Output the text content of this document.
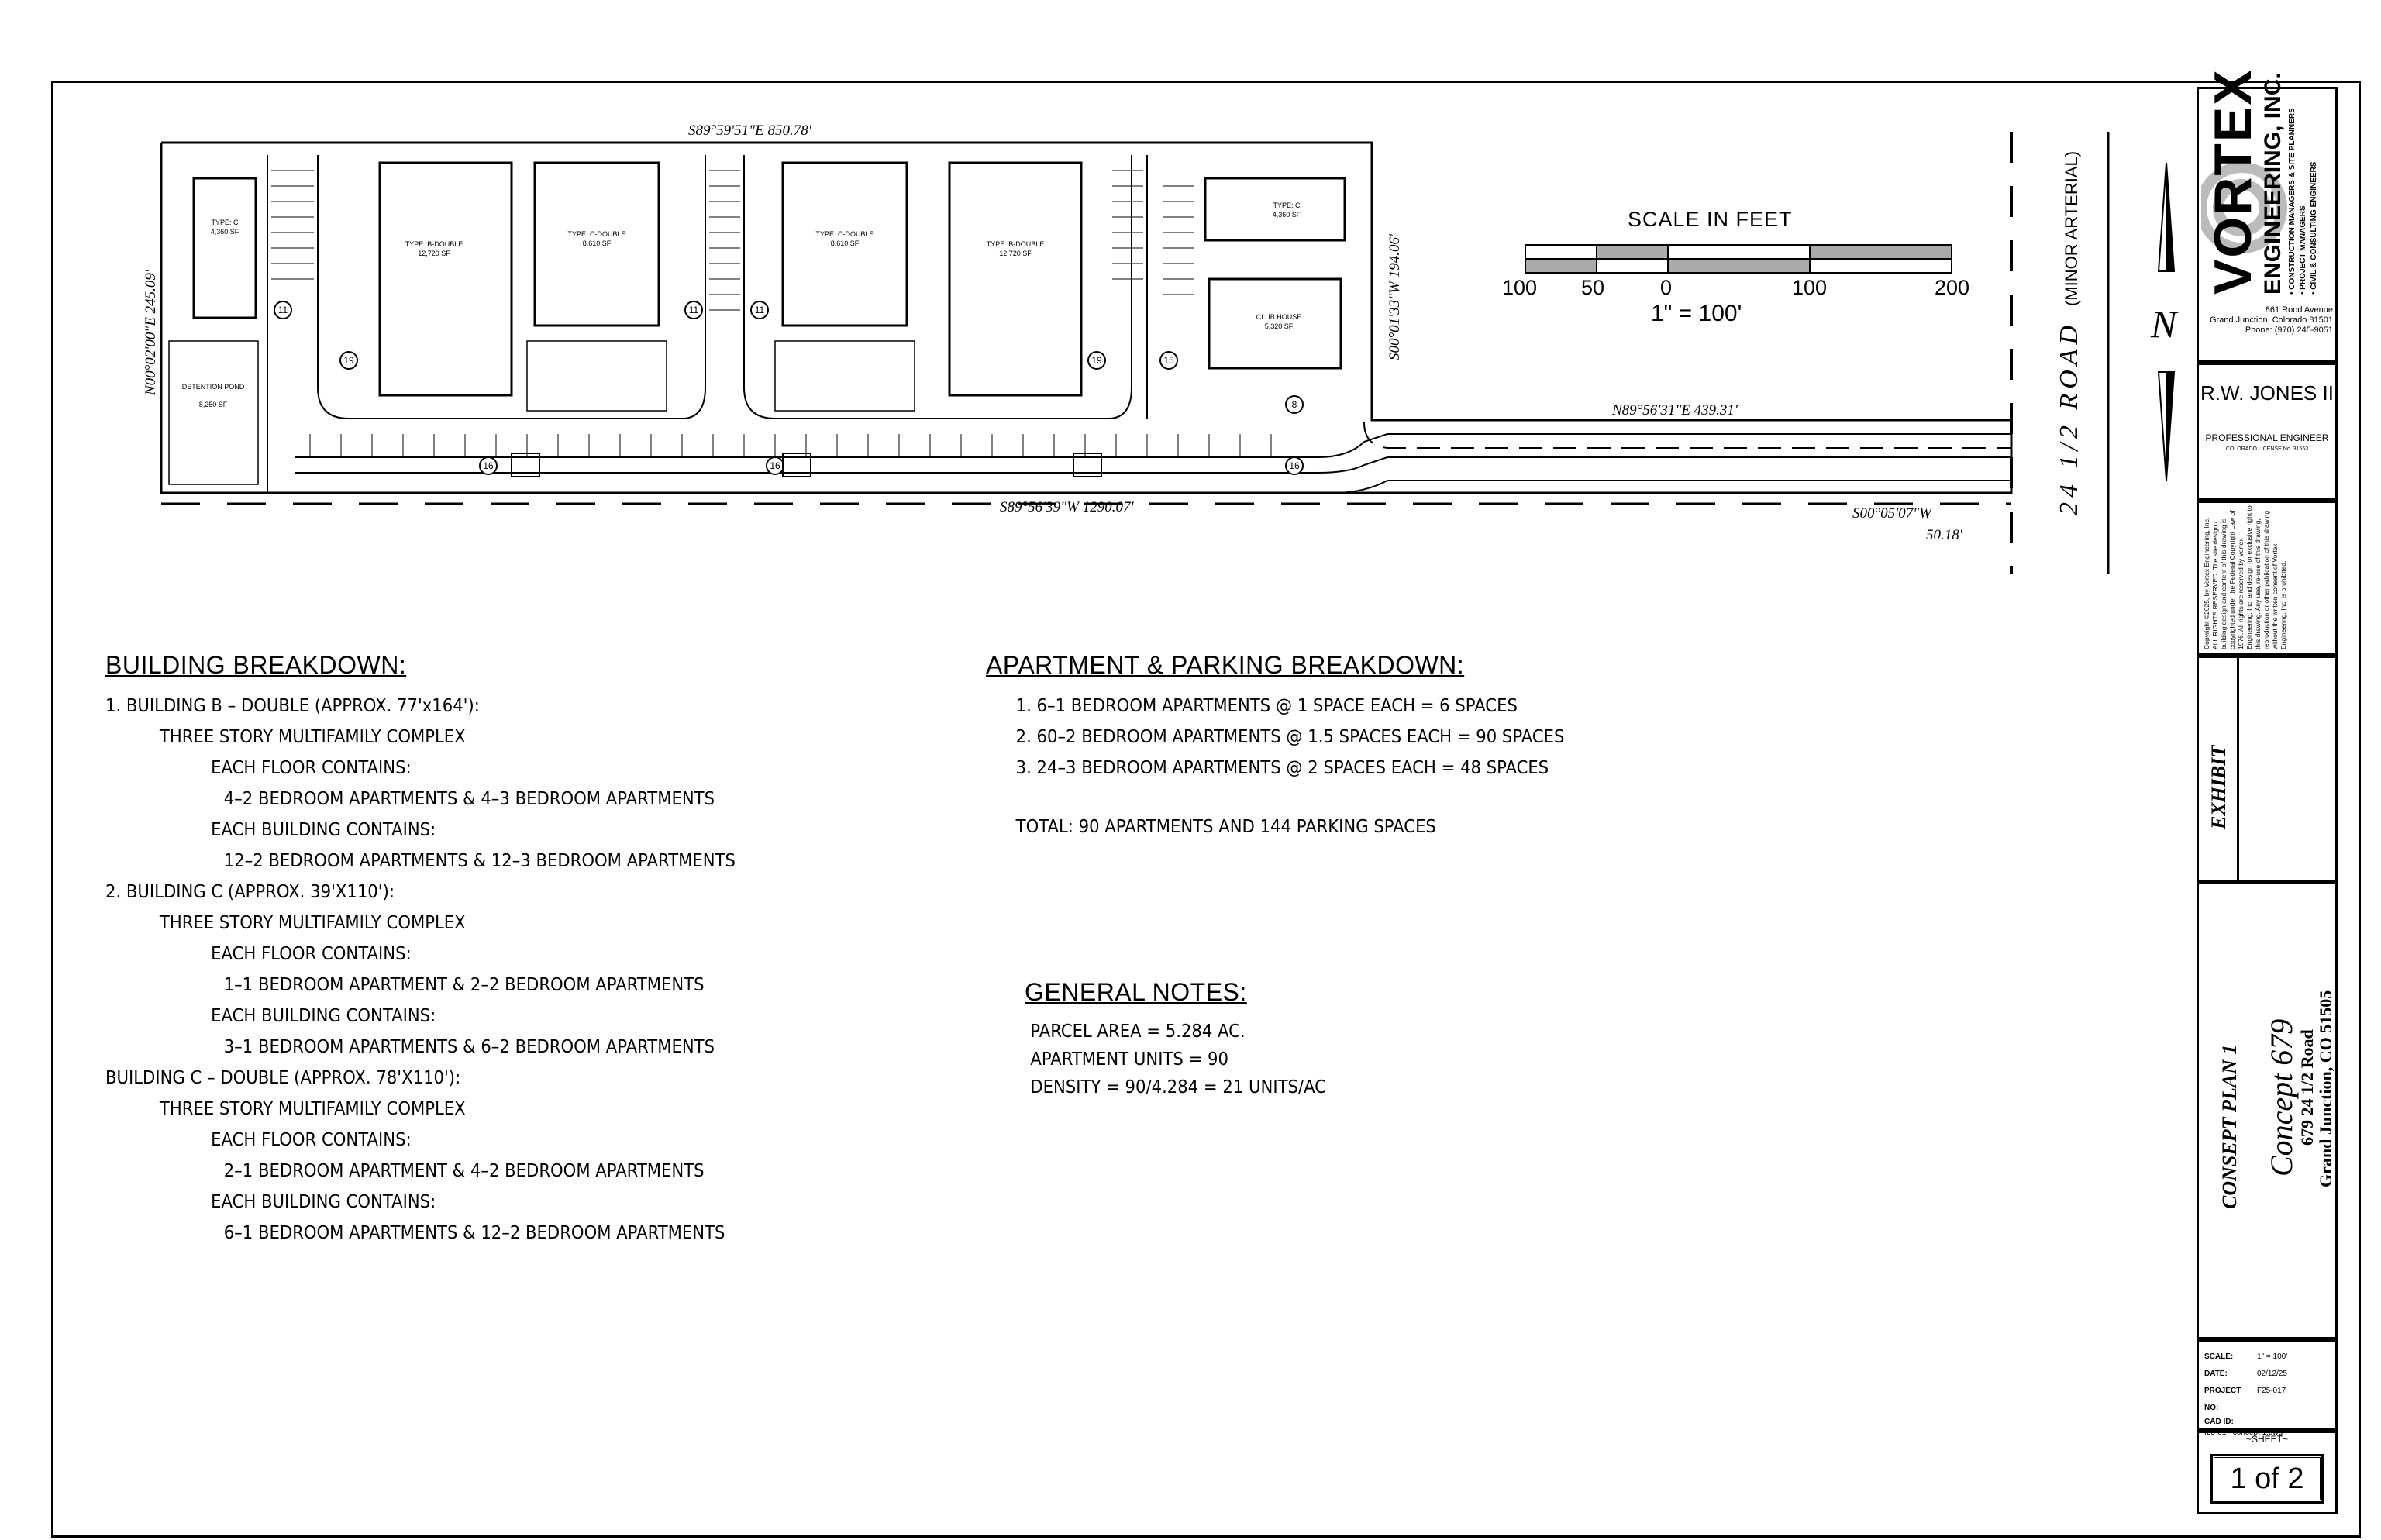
TYPE: C
4,360 SF
TYPE: B-DOUBLE
12,720 SF
TYPE: C-DOUBLE
8,610 SF
TYPE: C-DOUBLE
8,610 SF	TYPE: B-DOUBLE
12,720 SF
TYPE: C
4,360 SF
CLUB HOUSE
5,320 SF
DETENTION POND
8,250 SF
11
19
11	11
19	15
8
16	16	16
S89°59'51"E 850.78'
S89°56'39"W 1290.07'
N89°56'31"E 439.31'
S00°05'07"W
50.18'
N00°02'00"E 245.09'	S00°01'33"W 194.06'
24 1/2 ROAD
(MINOR ARTERIAL)
N
SCALE IN FEET
100 50	0	100	200
1" = 100'
BUILDING BREAKDOWN:
1. BUILDING B – DOUBLE (APPROX. 77'x164'):
THREE STORY MULTIFAMILY COMPLEX
EACH FLOOR CONTAINS:
4–2 BEDROOM APARTMENTS & 4–3 BEDROOM APARTMENTS
EACH BUILDING CONTAINS:
12–2 BEDROOM APARTMENTS & 12–3 BEDROOM APARTMENTS
2. BUILDING C (APPROX. 39'X110'):
THREE STORY MULTIFAMILY COMPLEX
EACH FLOOR CONTAINS:
1–1 BEDROOM APARTMENT & 2–2 BEDROOM APARTMENTS
EACH BUILDING CONTAINS:
3–1 BEDROOM APARTMENTS & 6–2 BEDROOM APARTMENTS
BUILDING C – DOUBLE (APPROX. 78'X110'):
THREE STORY MULTIFAMILY COMPLEX
EACH FLOOR CONTAINS:
2–1 BEDROOM APARTMENT & 4–2 BEDROOM APARTMENTS
EACH BUILDING CONTAINS:
6–1 BEDROOM APARTMENTS & 12–2 BEDROOM APARTMENTS
APARTMENT & PARKING BREAKDOWN:
1. 6–1 BEDROOM APARTMENTS @ 1 SPACE EACH = 6 SPACES
2. 60–2 BEDROOM APARTMENTS @ 1.5 SPACES EACH = 90 SPACES
3. 24–3 BEDROOM APARTMENTS @ 2 SPACES EACH = 48 SPACES
TOTAL: 90 APARTMENTS AND 144 PARKING SPACES
GENERAL NOTES:
PARCEL AREA = 5.284 AC.
APARTMENT UNITS = 90
DENSITY = 90/4.284 = 21 UNITS/AC
VORTEX
ENGINEERING, INC. • CONSTRUCTION MANAGERS & SITE PLANNERS • PROJECT MANAGERS • CIVIL & CONSULTING ENGINEERS
861 Rood Avenue
Grand Junction, Colorado 81501
Phone: (970) 245-9051
R.W. JONES II
PROFESSIONAL ENGINEER
COLORADO LICENSE No. 31553
Copyright ©2025, by Vortex Engineering, Inc. ALL RIGHTS RESERVED. The site design / building design and content of this drawing is copyrighted under the Federal Copyright Law of 1976. All rights are reserved by Vortex Engineering, Inc. and design for exclusive right to this drawing. Any use, re-use of this drawing, reproduction or other publication of this drawing without the written consent of Vortex Engineering, Inc. is prohibited.
EXHIBIT
CONSEPT PLAN 1 Concept 679
679 24 1/2 Road Grand Junction, CO 51505
SCALE:	1" = 100'
DATE:	02/12/25
PROJECT NO:
F25-017
CAD ID:
f25-017 concept 1.dwg
~SHEET~
1 of 2
